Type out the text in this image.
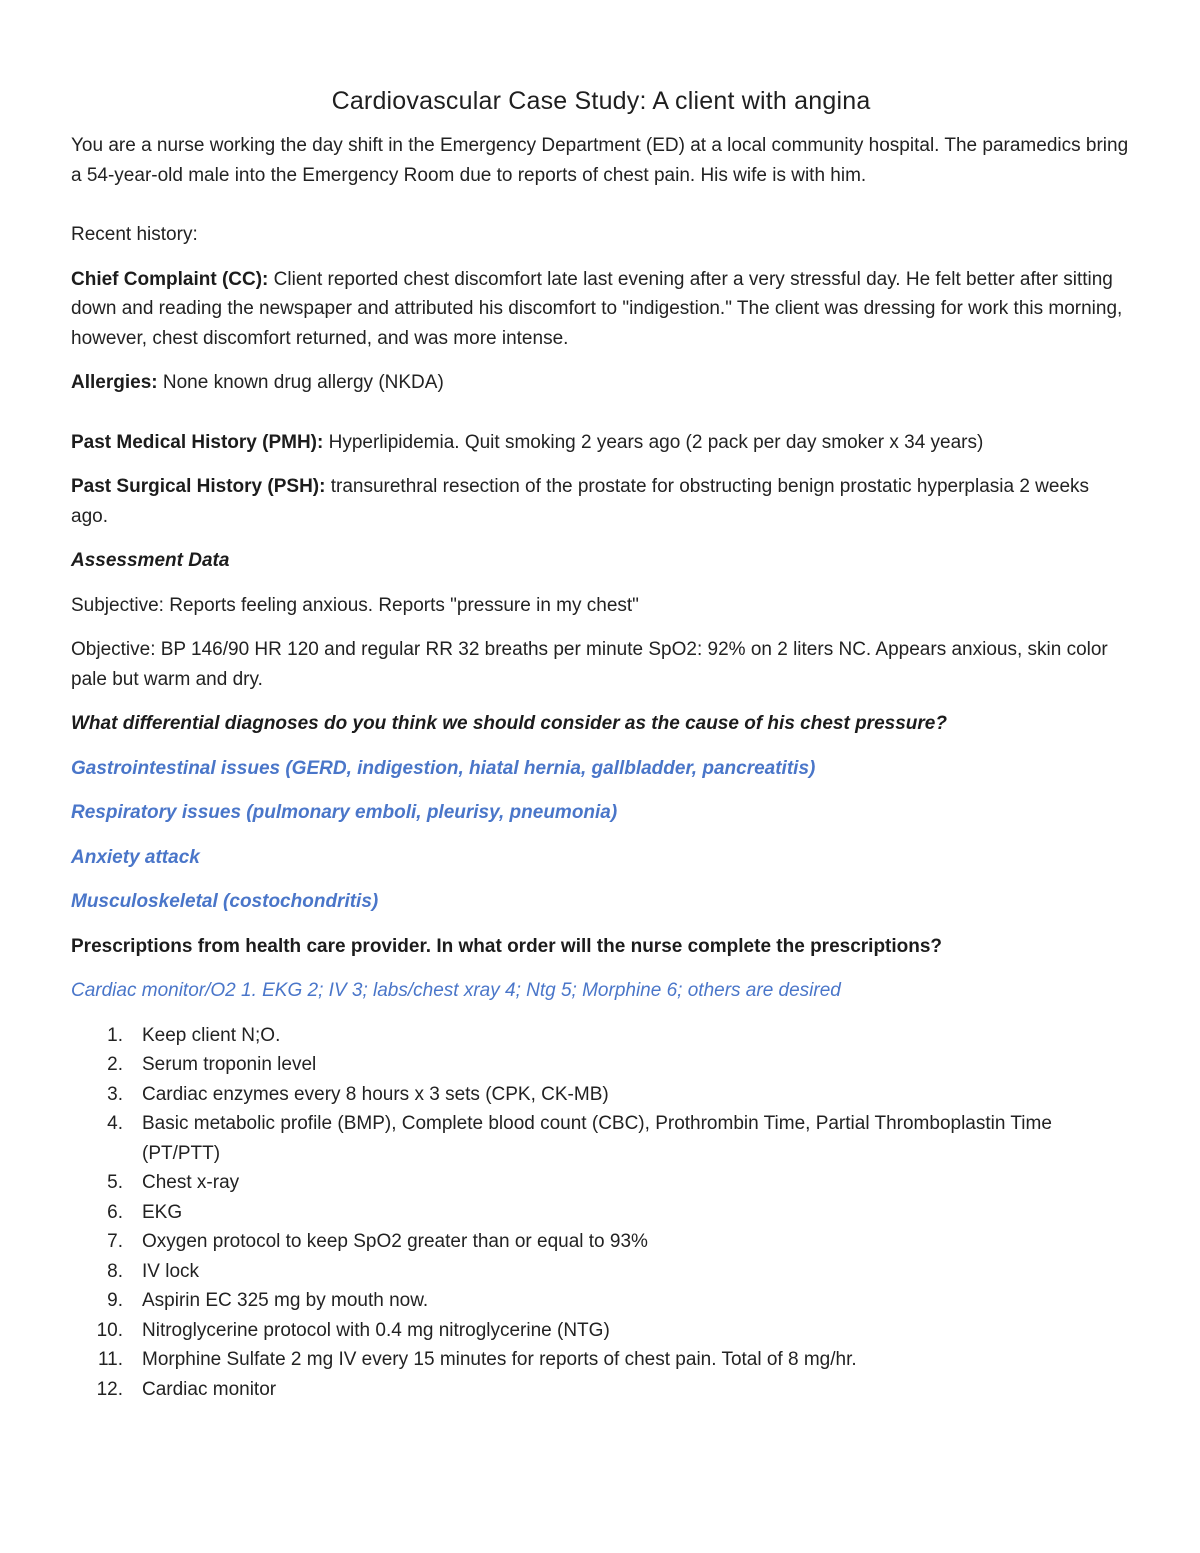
Cardiovascular Case Study: A client with angina

You are a nurse working the day shift in the Emergency Department (ED) at a local community hospital. The paramedics bring a 54-year-old male into the Emergency Room due to reports of chest pain. His wife is with him.

Recent history:

Chief Complaint (CC): Client reported chest discomfort late last evening after a very stressful day. He felt better after sitting down and reading the newspaper and attributed his discomfort to "indigestion." The client was dressing for work this morning, however, chest discomfort returned, and was more intense.

Allergies: None known drug allergy (NKDA)

Past Medical History (PMH): Hyperlipidemia. Quit smoking 2 years ago (2 pack per day smoker x 34 years)

Past Surgical History (PSH): transurethral resection of the prostate for obstructing benign prostatic hyperplasia 2 weeks ago.

Assessment Data

Subjective: Reports feeling anxious. Reports "pressure in my chest"

Objective: BP 146/90 HR 120 and regular RR 32 breaths per minute SpO2: 92% on 2 liters NC. Appears anxious, skin color pale but warm and dry.

What differential diagnoses do you think we should consider as the cause of his chest pressure?

Gastrointestinal issues (GERD, indigestion, hiatal hernia, gallbladder, pancreatitis)

Respiratory issues (pulmonary emboli, pleurisy, pneumonia)

Anxiety attack

Musculoskeletal (costochondritis)

Prescriptions from health care provider. In what order will the nurse complete the prescriptions?

Cardiac monitor/O2 1. EKG 2; IV 3; labs/chest xray 4; Ntg 5; Morphine 6; others are desired

1. Keep client N;O.
2. Serum troponin level
3. Cardiac enzymes every 8 hours x 3 sets (CPK, CK-MB)
4. Basic metabolic profile (BMP), Complete blood count (CBC), Prothrombin Time, Partial Thromboplastin Time (PT/PTT)
5. Chest x-ray
6. EKG
7. Oxygen protocol to keep SpO2 greater than or equal to 93%
8. IV lock
9. Aspirin EC 325 mg by mouth now.
10. Nitroglycerine protocol with 0.4 mg nitroglycerine (NTG)
11. Morphine Sulfate 2 mg IV every 15 minutes for reports of chest pain. Total of 8 mg/hr.
12. Cardiac monitor
